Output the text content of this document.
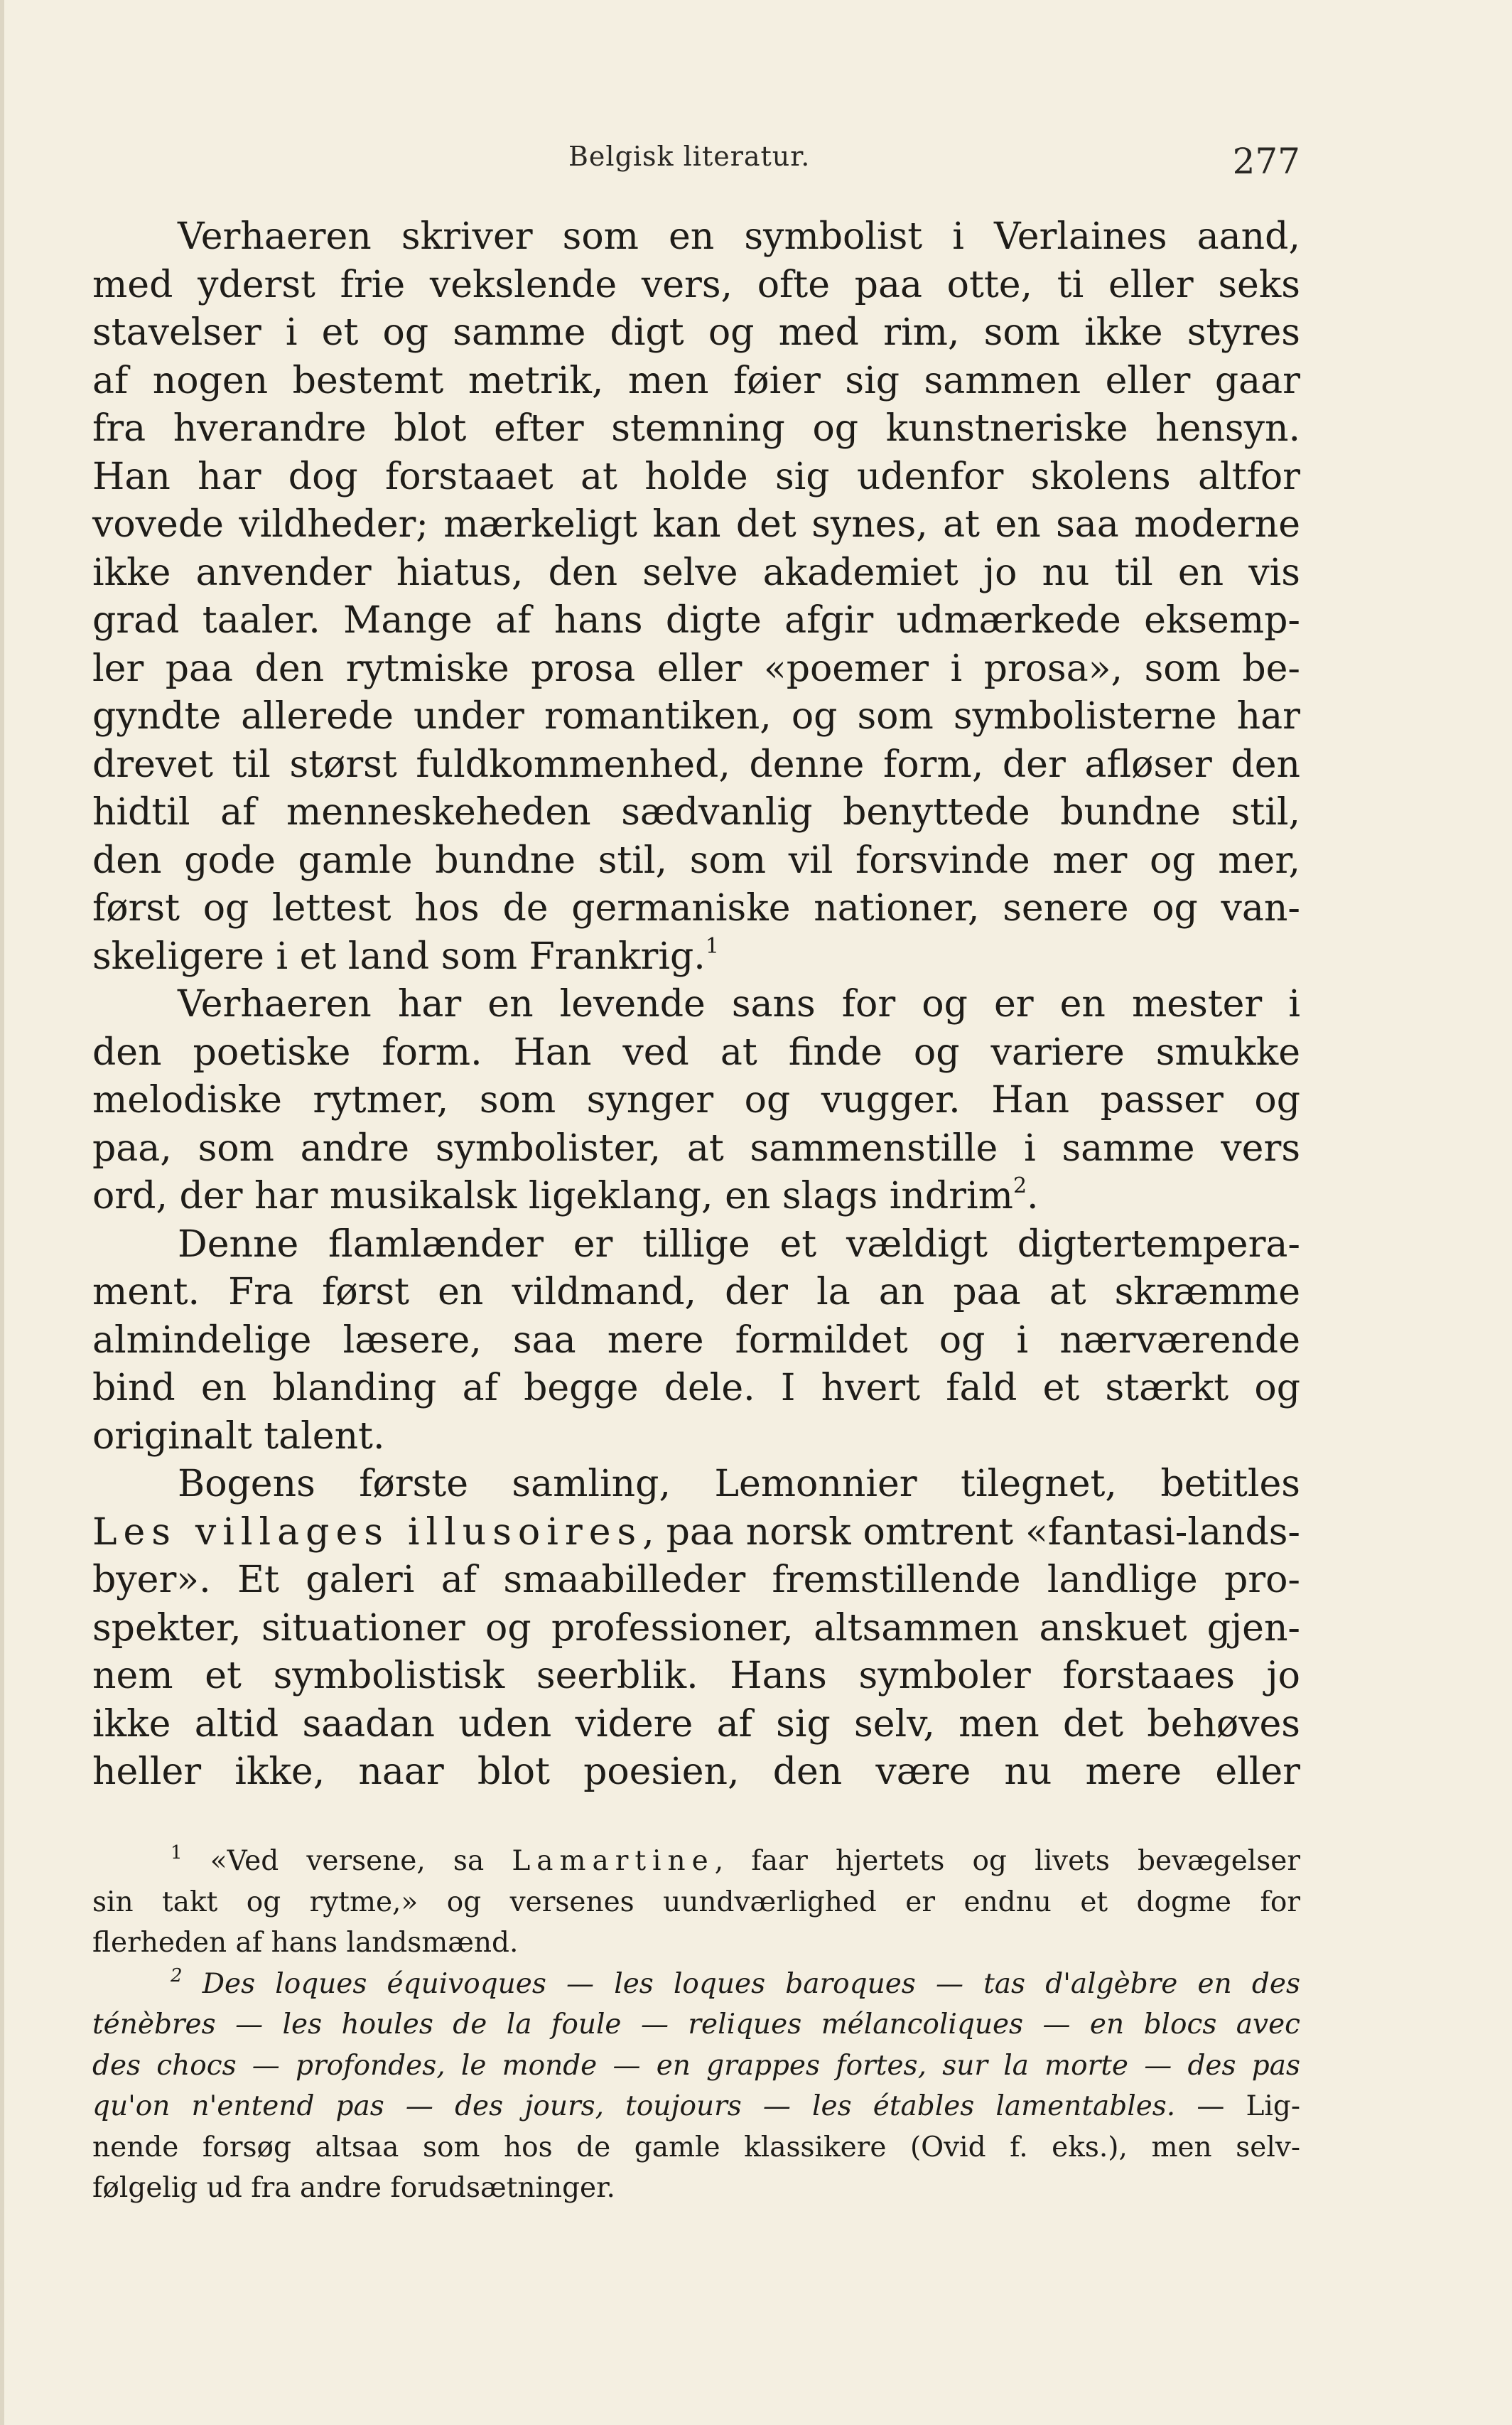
Belgisk literatur.	277
Verhaeren skriver som en symbolist i Verlaines aand,
med yderst frie vekslende vers, ofte paa otte, ti eller seks
stavelser i et og samme digt og med rim, som ikke styres
af nogen bestemt metrik, men føier sig sammen eller gaar
fra hverandre blot efter stemning og kunstneriske hensyn.
Han har dog forstaaet at holde sig udenfor skolens altfor
vovede vildheder; mærkeligt kan det synes, at en saa moderne
ikke anvender hiatus, den selve akademiet jo nu til en vis
grad taaler. Mange af hans digte afgir udmærkede eksemp-
ler paa den rytmiske prosa eller «poemer i prosa», som be-
gyndte allerede under romantiken, og som symbolisterne har
drevet til størst fuldkommenhed, denne form, der afløser den
hidtil af menneskeheden sædvanlig benyttede bundne stil,
den gode gamle bundne stil, som vil forsvinde mer og mer,
først og lettest hos de germaniske nationer, senere og van-
skeligere i et land som Frankrig.$^1$
Verhaeren har en levende sans for og er en mester i
den poetiske form. Han ved at finde og variere smukke
melodiske rytmer, som synger og vugger. Han passer og
paa, som andre symbolister, at sammenstille i samme vers
ord, der har musikalsk ligeklang, en slags indrim$^2$.
Denne flamlænder er tillige et vældigt digtertempera-
ment. Fra først en vildmand, der la an paa at skræmme
almindelige læsere, saa mere formildet og i nærværende
bind en blanding af begge dele. I hvert fald et stærkt og
originalt talent.
Bogens første samling, Lemonnier tilegnet, betitles
Les villages illusoires, paa norsk omtrent «fantasi-lands-
byer». Et galeri af smaabilleder fremstillende landlige pro-
spekter, situationer og professioner, altsammen anskuet gjen-
nem et symbolistisk seerblik. Hans symboler forstaaes jo
ikke altid saadan uden videre af sig selv, men det behøves
heller ikke, naar blot poesien, den være nu mere eller
$^1$ «Ved versene, sa Lamartine, faar hjertets og livets bevægelser
sin takt og rytme,» og versenes uundværlighed er endnu et dogme for
flerheden af hans landsmænd.
$^2$ Des loques équivoques — les loques baroques — tas d'algèbre en des
ténèbres — les houles de la foule — reliques mélancoliques — en blocs avec
des chocs — profondes, le monde — en grappes fortes, sur la morte — des pas
qu'on n'entend pas — des jours, toujours — les étables lamentables. — Lig-
nende forsøg altsaa som hos de gamle klassikere (Ovid f. eks.), men selv-
følgelig ud fra andre forudsætninger.
